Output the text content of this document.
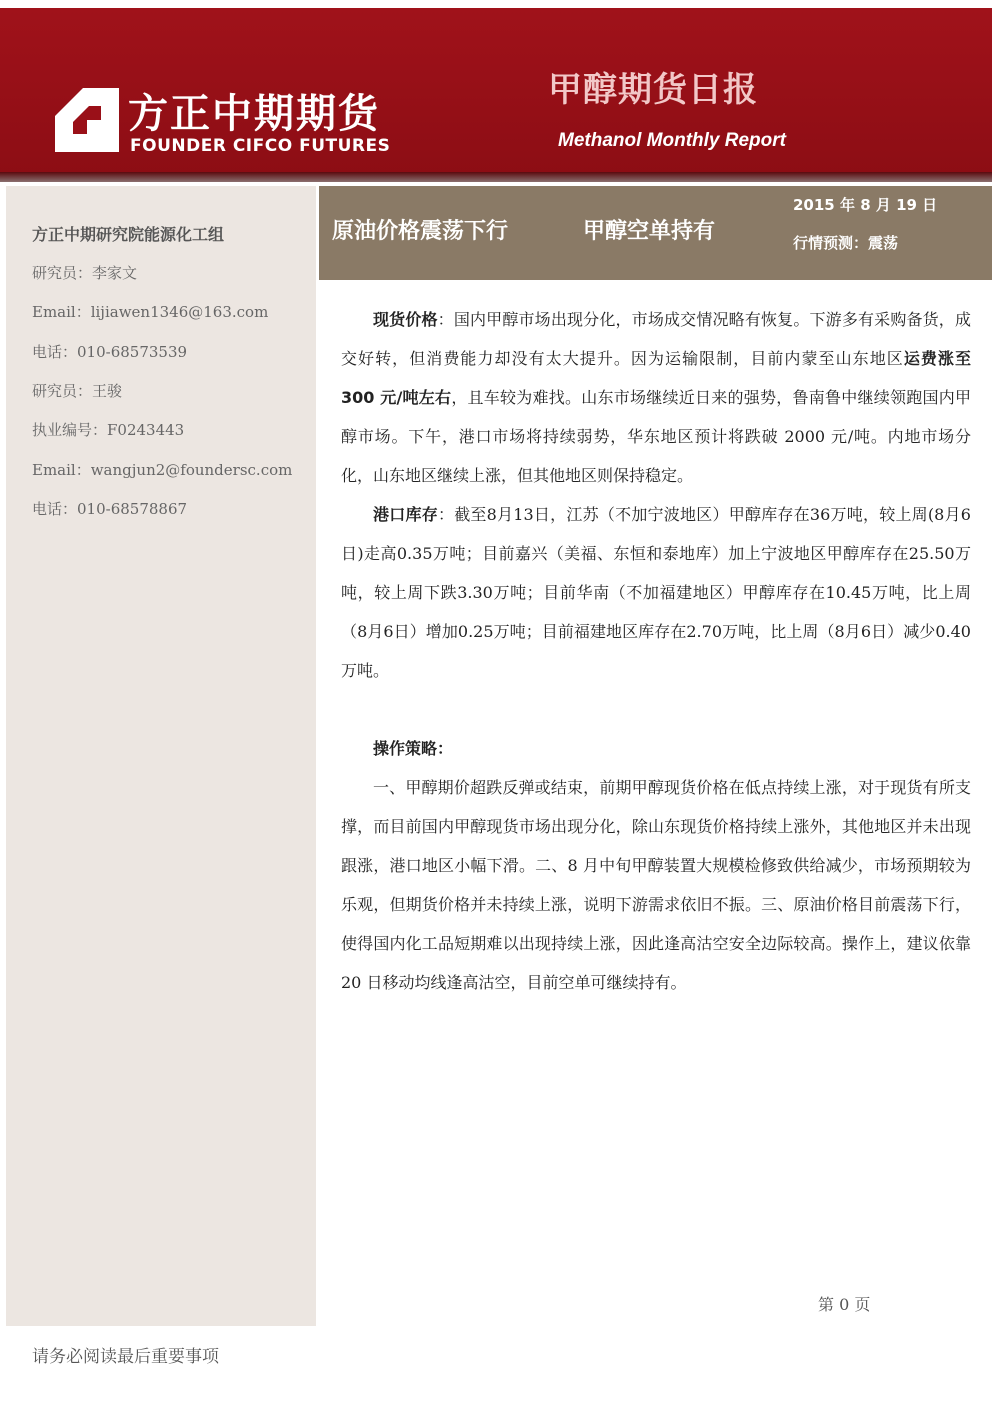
方正中期期货
FOUNDER CIFCO FUTURES
甲醇期货日报
Methanol Monthly Report
方正中期研究院能源化工组
研究员：李家文
Email：lijiawen1346@163.com
电话：010-68573539
研究员：王骏
执业编号：F0243443
Email：wangjun2@foundersc.com
电话：010-68578867
原油价格震荡下行	甲醇空单持有
2015 年 8 月 19 日
行情预测：震荡

现货价格：国内甲醇市场出现分化，市场成交情况略有恢复。下游多有采购备货，成交好转，但消费能力却没有太大提升。因为运输限制，目前内蒙至山东地区运费涨至 300 元/吨左右，且车较为难找。山东市场继续近日来的强势，鲁南鲁中继续领跑国内甲醇市场。下午，港口市场将持续弱势，华东地区预计将跌破 2000 元/吨。内地市场分化，山东地区继续上涨，但其他地区则保持稳定。

港口库存：截至8月13日，江苏（不加宁波地区）甲醇库存在36万吨，较上周(8月6日)走高0.35万吨；目前嘉兴（美福、东恒和泰地库）加上宁波地区甲醇库存在25.50万吨，较上周下跌3.30万吨；目前华南（不加福建地区）甲醇库存在10.45万吨，比上周（8月6日）增加0.25万吨；目前福建地区库存在2.70万吨，比上周（8月6日）减少0.40万吨。

操作策略：

一、甲醇期价超跌反弹或结束，前期甲醇现货价格在低点持续上涨，对于现货有所支撑，而目前国内甲醇现货市场出现分化，除山东现货价格持续上涨外，其他地区并未出现跟涨，港口地区小幅下滑。二、8 月中旬甲醇装置大规模检修致供给减少，市场预期较为乐观，但期货价格并未持续上涨，说明下游需求依旧不振。三、原油价格目前震荡下行，使得国内化工品短期难以出现持续上涨，因此逢高沽空安全边际较高。操作上，建议依靠 20 日移动均线逢高沽空，目前空单可继续持有。

第 0 页
请务必阅读最后重要事项
